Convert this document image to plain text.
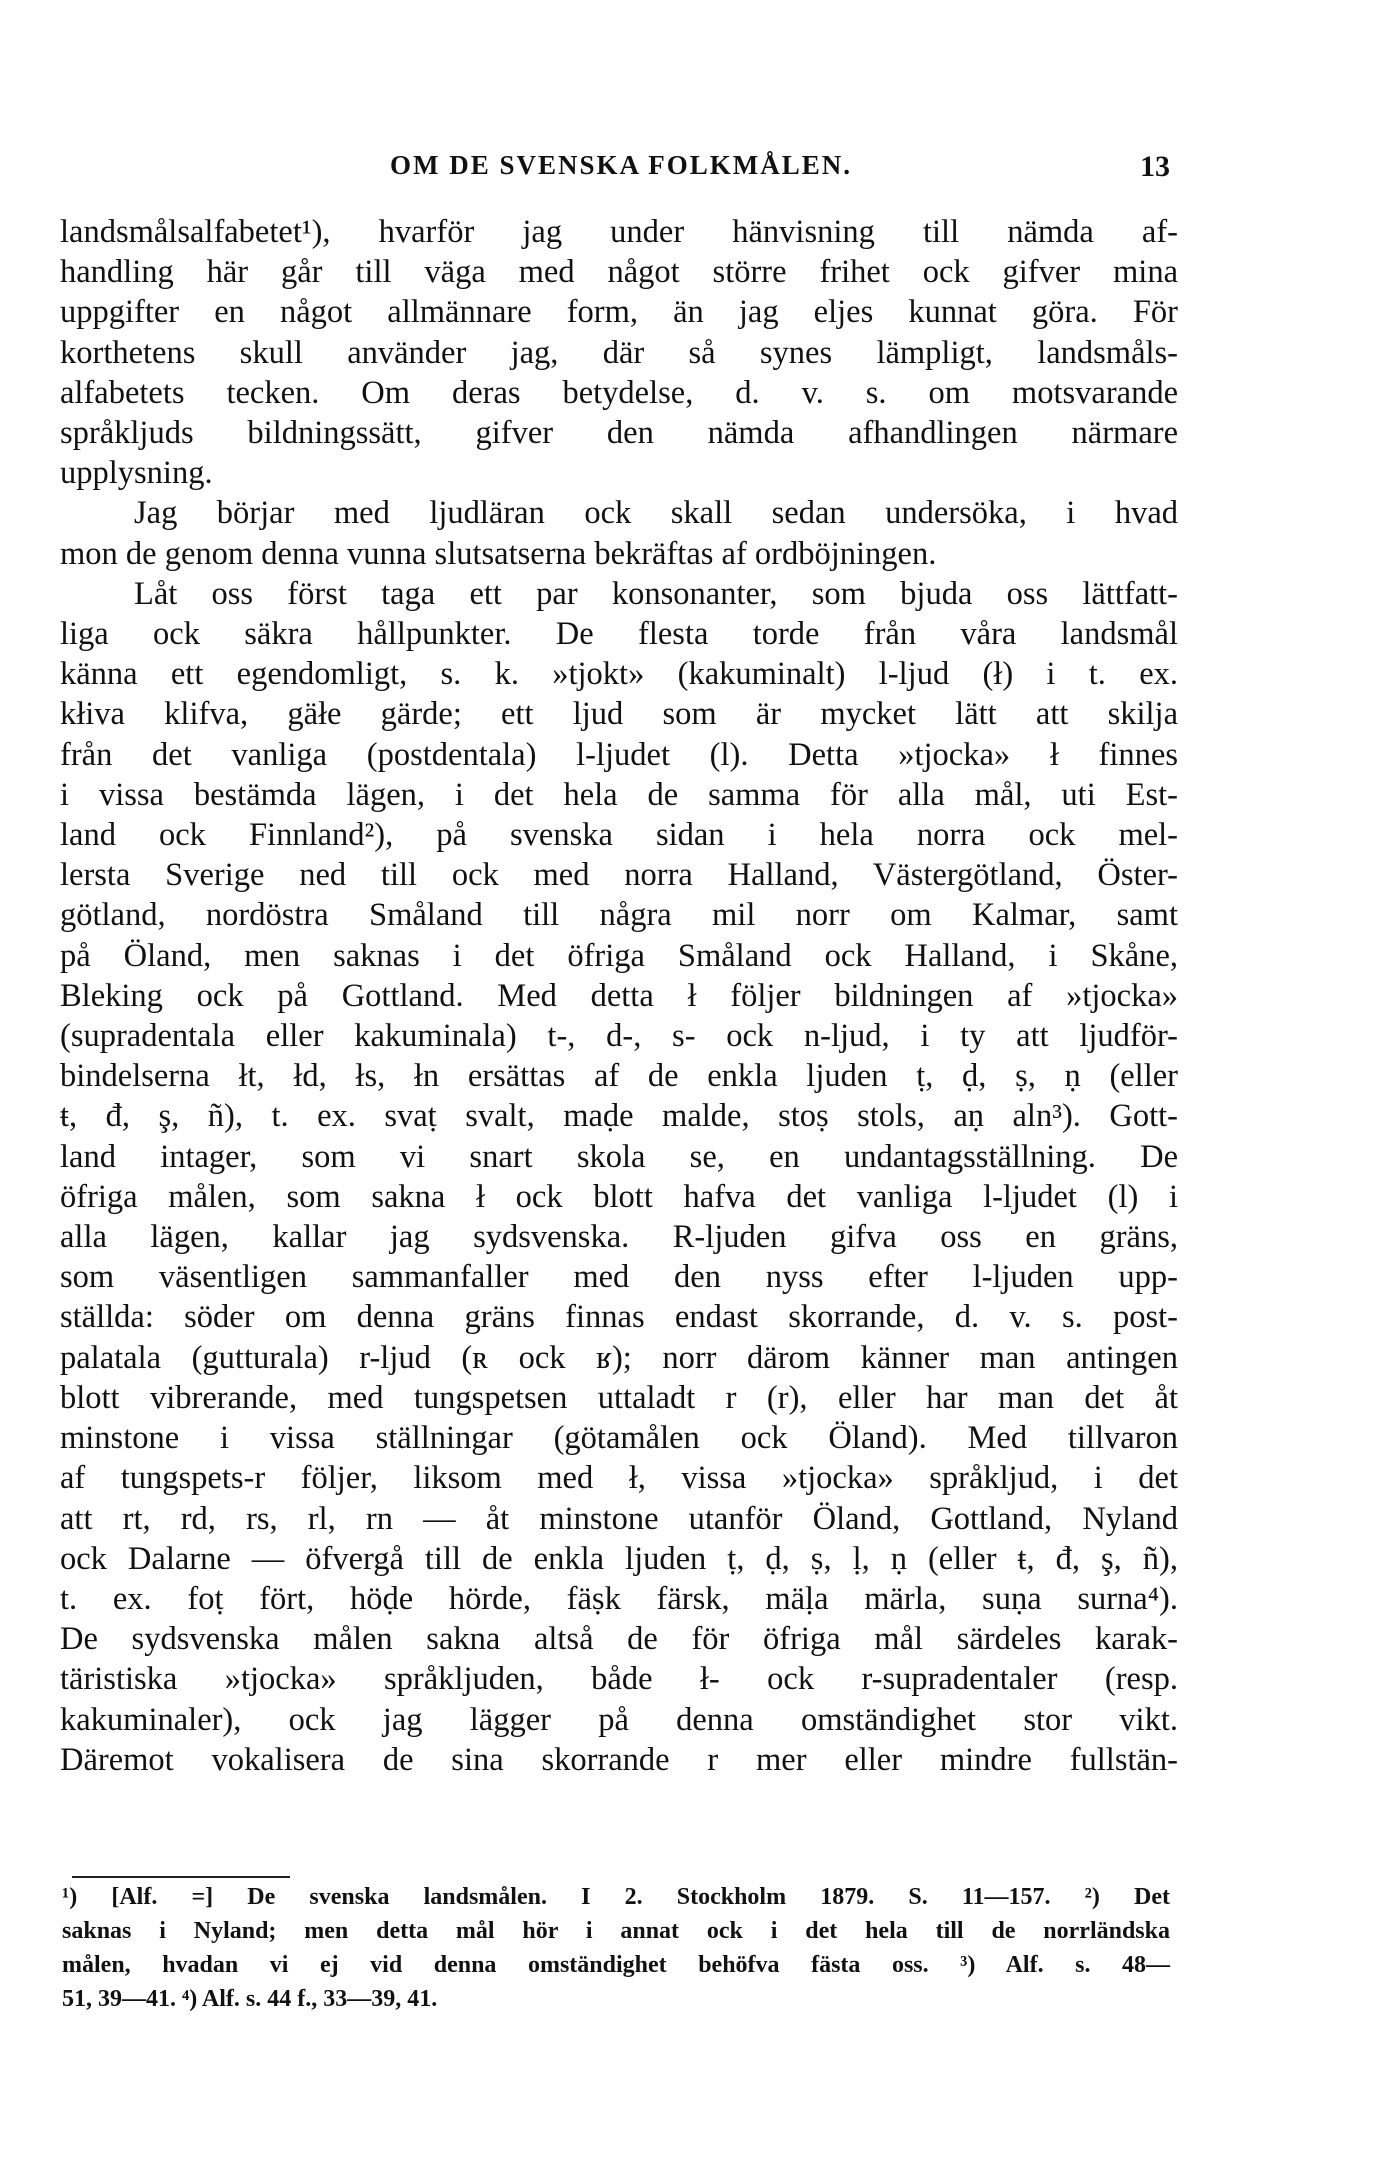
OM DE SVENSKA FOLKMÅLEN.	13
landsmålsalfabetet¹), hvarför jag under hänvisning till nämda af-
handling här går till väga med något större frihet ock gifver mina
uppgifter en något allmännare form, än jag eljes kunnat göra. För
korthetens skull använder jag, där så synes lämpligt, landsmåls-
alfabetets tecken. Om deras betydelse, d. v. s. om motsvarande
språkljuds bildningssätt, gifver den nämda afhandlingen närmare
upplysning.
Jag börjar med ljudläran ock skall sedan undersöka, i hvad
mon de genom denna vunna slutsatserna bekräftas af ordböjningen.
Låt oss först taga ett par konsonanter, som bjuda oss lättfatt-
liga ock säkra hållpunkter. De flesta torde från våra landsmål
känna ett egendomligt, s. k. »tjokt» (kakuminalt) l-ljud (ł) i t. ex.
kłiva klifva, gäłe gärde; ett ljud som är mycket lätt att skilja
från det vanliga (postdentala) l-ljudet (l). Detta »tjocka» ł finnes
i vissa bestämda lägen, i det hela de samma för alla mål, uti Est-
land ock Finnland²), på svenska sidan i hela norra ock mel-
lersta Sverige ned till ock med norra Halland, Västergötland, Öster-
götland, nordöstra Småland till några mil norr om Kalmar, samt
på Öland, men saknas i det öfriga Småland ock Halland, i Skåne,
Bleking ock på Gottland. Med detta ł följer bildningen af »tjocka»
(supradentala eller kakuminala) t-, d-, s- ock n-ljud, i ty att ljudför-
bindelserna łt, łd, łs, łn ersättas af de enkla ljuden ṭ, ḍ, ṣ, ṇ (eller
ŧ, đ, ş, ñ), t. ex. svaṭ svalt, maḍe malde, stoṣ stols, aṇ aln³). Gott-
land intager, som vi snart skola se, en undantagsställning. De
öfriga målen, som sakna ł ock blott hafva det vanliga l-ljudet (l) i
alla lägen, kallar jag sydsvenska. R-ljuden gifva oss en gräns,
som väsentligen sammanfaller med den nyss efter l-ljuden upp-
ställda: söder om denna gräns finnas endast skorrande, d. v. s. post-
palatala (gutturala) r-ljud (ʀ ock ʁ); norr därom känner man antingen
blott vibrerande, med tungspetsen uttaladt r (r), eller har man det åt
minstone i vissa ställningar (götamålen ock Öland). Med tillvaron
af tungspets-r följer, liksom med ł, vissa »tjocka» språkljud, i det
att rt, rd, rs, rl, rn — åt minstone utanför Öland, Gottland, Nyland
ock Dalarne — öfvergå till de enkla ljuden ṭ, ḍ, ṣ, ḷ, ṇ (eller ŧ, đ, ş, ñ),
t. ex. foṭ fört, höḍe hörde, fäṣk färsk, mäḷa märla, suṇa surna⁴).
De sydsvenska målen sakna altså de för öfriga mål särdeles karak-
täristiska »tjocka» språkljuden, både ł- ock r-supradentaler (resp.
kakuminaler), ock jag lägger på denna omständighet stor vikt.
Däremot vokalisera de sina skorrande r mer eller mindre fullstän-
¹) [Alf. =] De svenska landsmålen. I 2. Stockholm 1879. S. 11—157. ²) Det
saknas i Nyland; men detta mål hör i annat ock i det hela till de norrländska
målen, hvadan vi ej vid denna omständighet behöfva fästa oss. ³) Alf. s. 48—
51, 39—41. ⁴) Alf. s. 44 f., 33—39, 41.
